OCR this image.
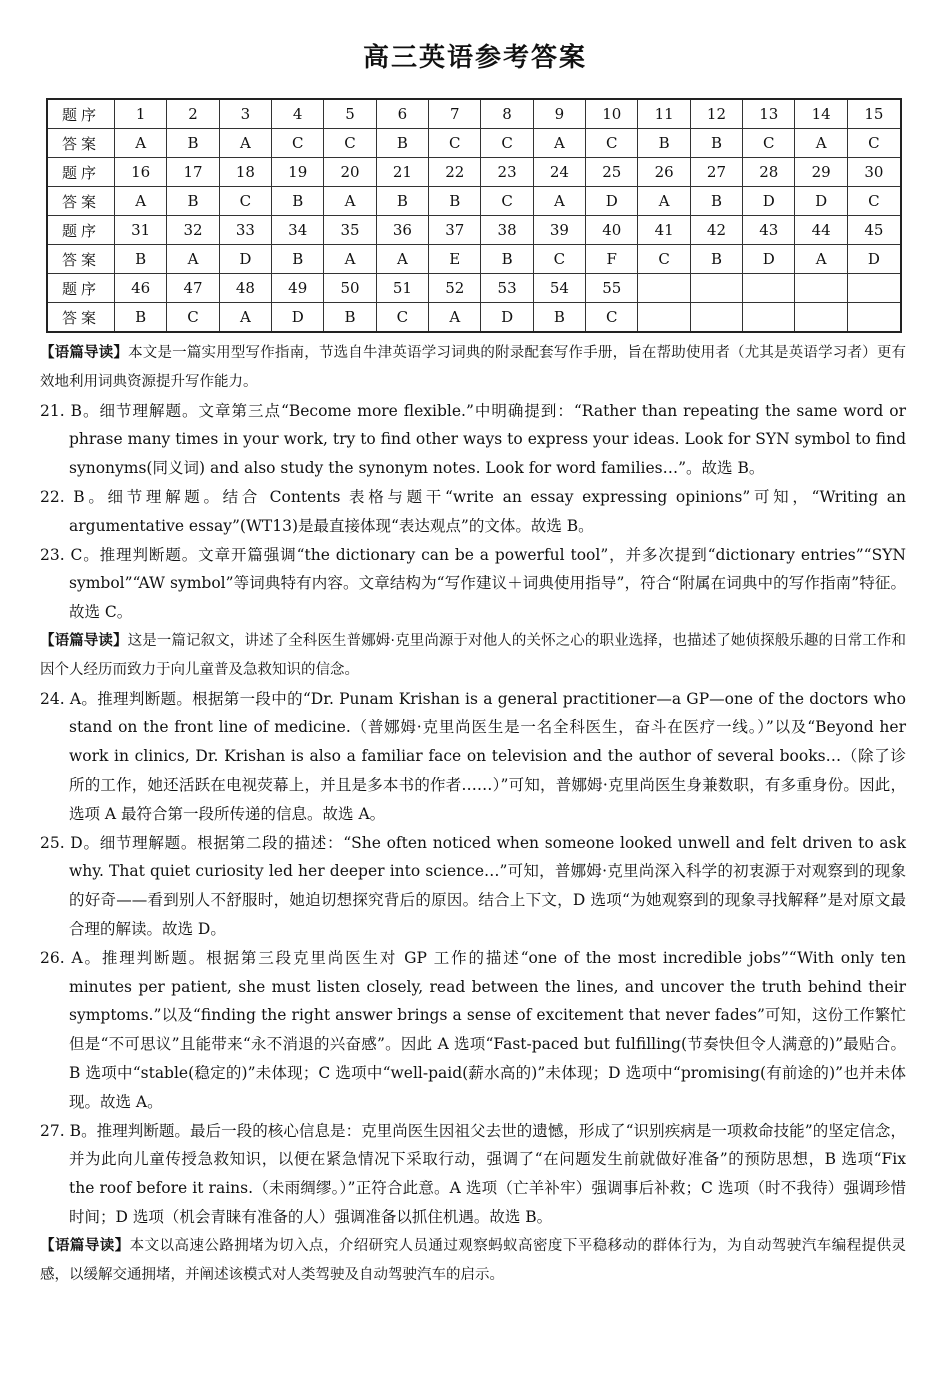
高三英语参考答案
题序	1	2	3	4	5	6	7	8	9	10	11	12	13	14	15
答案	A	B	A	C	C	B	C	C	A	C	B	B	C	A	C
题序	16	17	18	19	20	21	22	23	24	25	26	27	28	29	30
答案	A	B	C	B	A	B	B	C	A	D	A	B	D	D	C
题序	31	32	33	34	35	36	37	38	39	40	41	42	43	44	45
答案	B	A	D	B	A	A	E	B	C	F	C	B	D	A	D
题序	46	47	48	49	50	51	52	53	54	55					
答案	B	C	A	D	B	C	A	D	B	C					

【语篇导读】本文是一篇实用型写作指南，节选自牛津英语学习词典的附录配套写作手册，旨在帮助使用者（尤其是英语学习者）更有效地利用词典资源提升写作能力。

21. B。细节理解题。文章第三点“Become more flexible.”中明确提到：“Rather than repeating the same word or phrase many times in your work, try to find other ways to express your ideas. Look for SYN symbol to find synonyms(同义词) and also study the synonym notes. Look for word families…”。故选 B。

22. B。细节理解题。结合 Contents 表格与题干“write an essay expressing opinions”可知，“Writing an argumentative essay”(WT13)是最直接体现“表达观点”的文体。故选 B。

23. C。推理判断题。文章开篇强调“the dictionary can be a powerful tool”，并多次提到“dictionary entries”“SYN symbol”“AW symbol”等词典特有内容。文章结构为“写作建议＋词典使用指导”，符合“附属在词典中的写作指南”特征。故选 C。

【语篇导读】这是一篇记叙文，讲述了全科医生普娜姆·克里尚源于对他人的关怀之心的职业选择，也描述了她侦探般乐趣的日常工作和因个人经历而致力于向儿童普及急救知识的信念。

24. A。推理判断题。根据第一段中的“Dr. Punam Krishan is a general practitioner—a GP—one of the doctors who stand on the front line of medicine.（普娜姆·克里尚医生是一名全科医生，奋斗在医疗一线。）”以及“Beyond her work in clinics, Dr. Krishan is also a familiar face on television and the author of several books…（除了诊所的工作，她还活跃在电视荧幕上，并且是多本书的作者……）”可知，普娜姆·克里尚医生身兼数职，有多重身份。因此，选项 A 最符合第一段所传递的信息。故选 A。

25. D。细节理解题。根据第二段的描述：“She often noticed when someone looked unwell and felt driven to ask why. That quiet curiosity led her deeper into science…”可知，普娜姆·克里尚深入科学的初衷源于对观察到的现象的好奇——看到别人不舒服时，她迫切想探究背后的原因。结合上下文，D 选项“为她观察到的现象寻找解释”是对原文最合理的解读。故选 D。

26. A。推理判断题。根据第三段克里尚医生对 GP 工作的描述“one of the most incredible jobs”“With only ten minutes per patient, she must listen closely, read between the lines, and uncover the truth behind their symptoms.”以及“finding the right answer brings a sense of excitement that never fades”可知，这份工作繁忙但是“不可思议”且能带来“永不消退的兴奋感”。因此 A 选项“Fast-paced but fulfilling(节奏快但令人满意的)”最贴合。B 选项中“stable(稳定的)”未体现；C 选项中“well-paid(薪水高的)”未体现；D 选项中“promising(有前途的)”也并未体现。故选 A。

27. B。推理判断题。最后一段的核心信息是：克里尚医生因祖父去世的遗憾，形成了“识别疾病是一项救命技能”的坚定信念，并为此向儿童传授急救知识，以便在紧急情况下采取行动，强调了“在问题发生前就做好准备”的预防思想，B 选项“Fix the roof before it rains.（未雨绸缪。）”正符合此意。A 选项（亡羊补牢）强调事后补救；C 选项（时不我待）强调珍惜时间；D 选项（机会青睐有准备的人）强调准备以抓住机遇。故选 B。

【语篇导读】本文以高速公路拥堵为切入点，介绍研究人员通过观察蚂蚁高密度下平稳移动的群体行为，为自动驾驶汽车编程提供灵感，以缓解交通拥堵，并阐述该模式对人类驾驶及自动驾驶汽车的启示。
